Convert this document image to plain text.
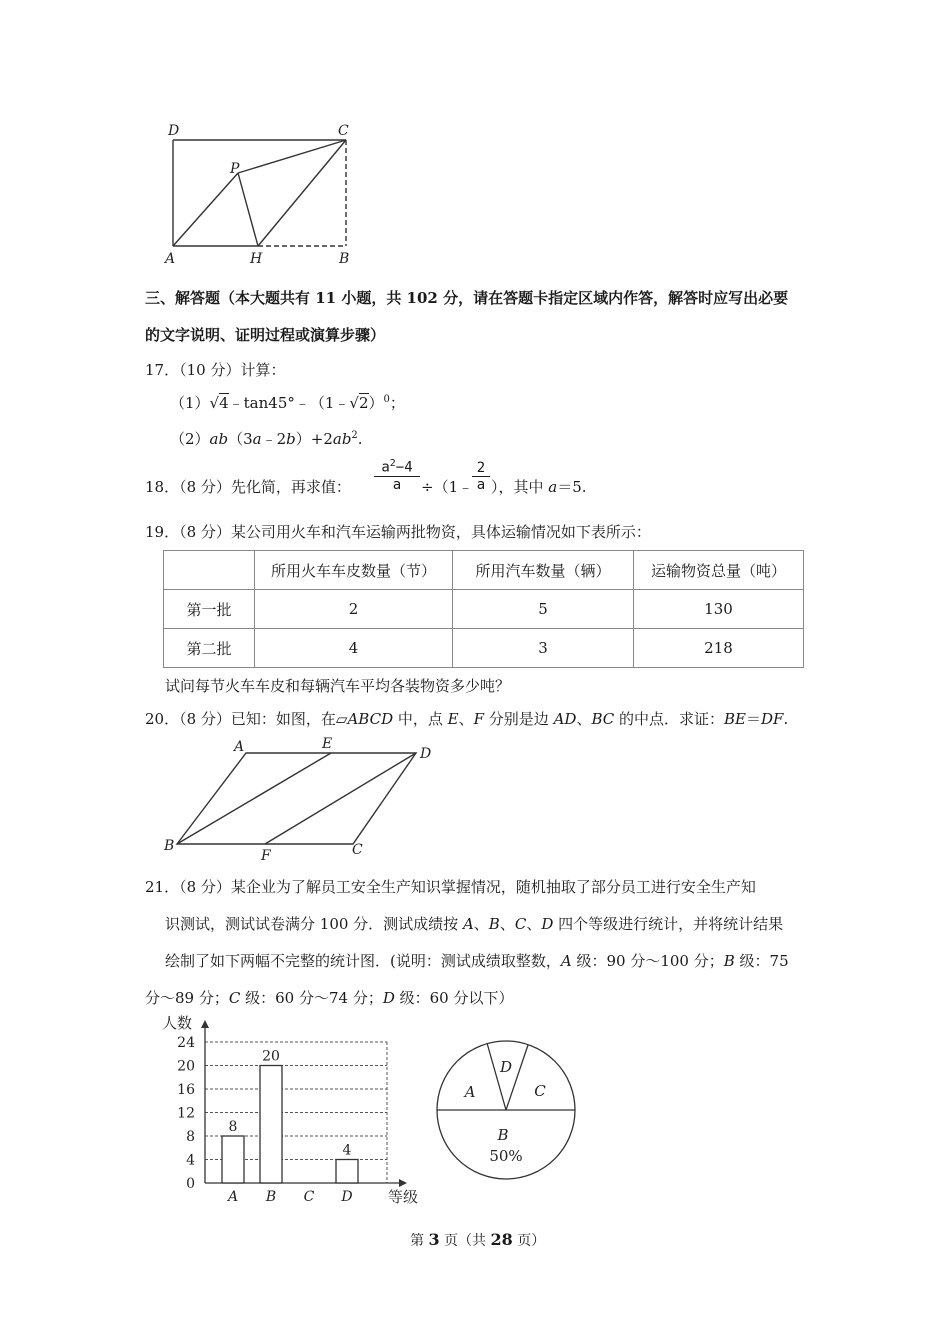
D	C
P
A	H	B
三、解答题（本大题共有 11 小题，共 102 分，请在答题卡指定区域内作答，解答时应写出必要
的文字说明、证明过程或演算步骤）
17．（10 分）计算：
（1）√4﹣tan45°﹣（1﹣√2）$^0$；
$(2)ab(3a﹣2b)+2ab^2$.
18．（8 分）先化简，再求值：
$a^2-4$
a	÷（1﹣
2
a ），其中 a＝5.
19．（8 分）某公司用火车和汽车运输两批物资，具体运输情况如下表所示：
	所用火车车皮数量（节）	所用汽车数量（辆）	运输物资总量（吨）
第一批	2	5	130
第二批	4	3	218
试问每节火车车皮和每辆汽车平均各装物资多少吨？
20．（8 分）已知：如图，在▱ABCD 中，点 E、F 分别是边 AD、BC 的中点．求证：BE＝DF.
A	E
D
B
F	C
21．（8 分）某企业为了解员工安全生产知识掌握情况，随机抽取了部分员工进行安全生产知
识测试，测试试卷满分 100 分．测试成绩按 A、B、C、D 四个等级进行统计，并将统计结果
绘制了如下两幅不完整的统计图．(说明：测试成绩取整数，A 级：90 分～100 分；B 级：75
分～89 分；C 级：60 分～74 分；D 级：60 分以下）
0
4
8
12
16
20
24
人数
等级
A
8
B
20
C D
4
A
B
C
D
50%
第 3 页（共 28 页）
